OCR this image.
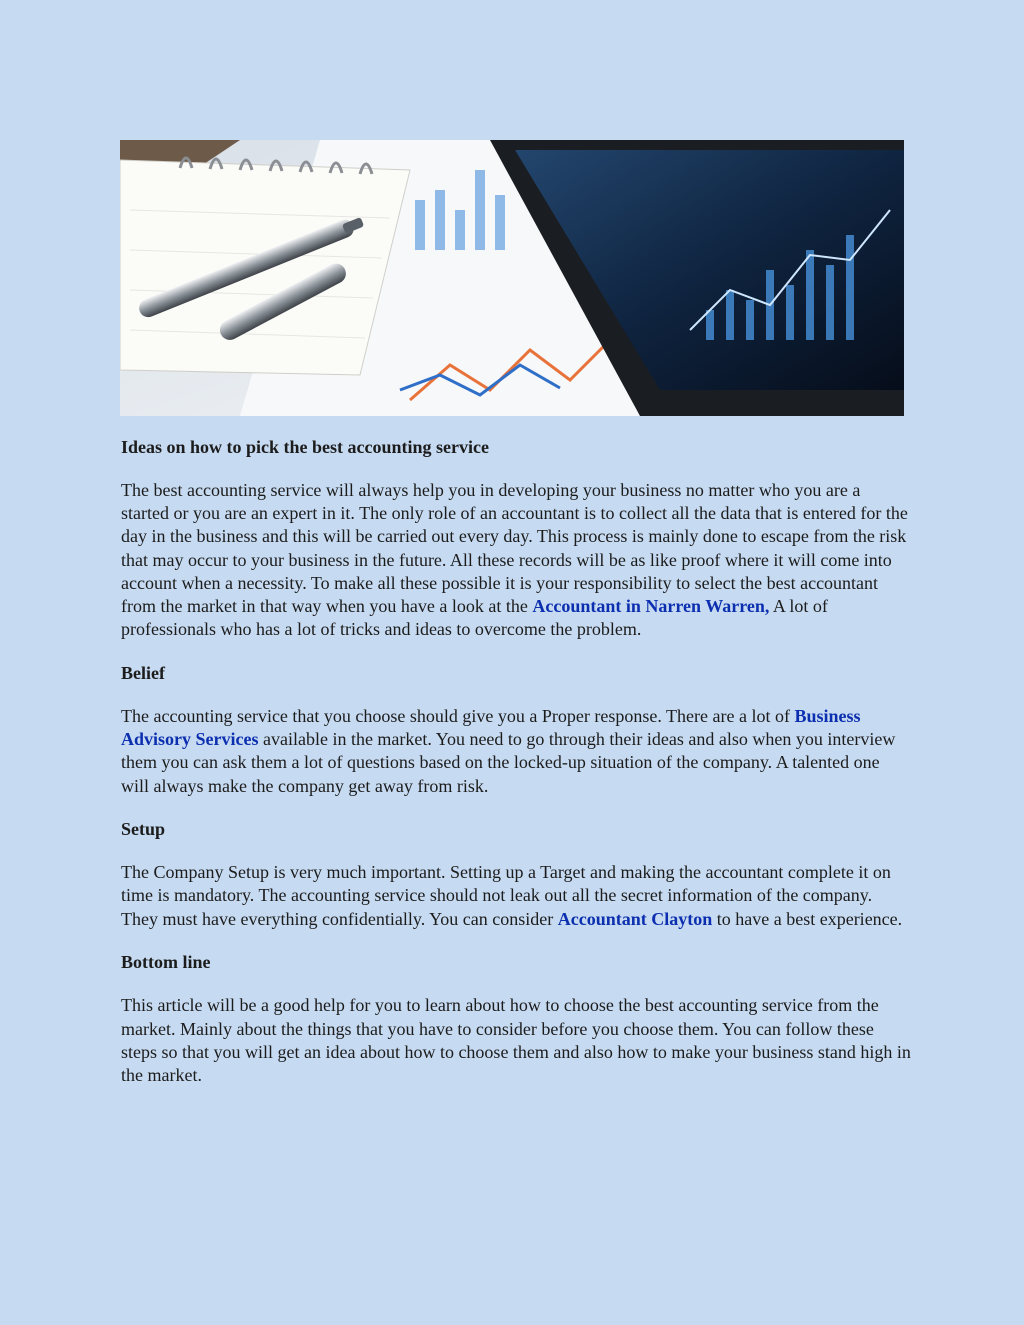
Ideas on how to pick the best accounting service

The best accounting service will always help you in developing your business no matter who you are a started or you are an expert in it. The only role of an accountant is to collect all the data that is entered for the day in the business and this will be carried out every day. This process is mainly done to escape from the risk that may occur to your business in the future. All these records will be as like proof where it will come into account when a necessity. To make all these possible it is your responsibility to select the best accountant from the market in that way when you have a look at the Accountant in Narren Warren, A lot of professionals who has a lot of tricks and ideas to overcome the problem.

Belief

The accounting service that you choose should give you a Proper response. There are a lot of Business Advisory Services available in the market. You need to go through their ideas and also when you interview them you can ask them a lot of questions based on the locked-up situation of the company. A talented one will always make the company get away from risk.

Setup

The Company Setup is very much important. Setting up a Target and making the accountant complete it on time is mandatory. The accounting service should not leak out all the secret information of the company. They must have everything confidentially. You can consider Accountant Clayton to have a best experience.

Bottom line

This article will be a good help for you to learn about how to choose the best accounting service from the market. Mainly about the things that you have to consider before you choose them. You can follow these steps so that you will get an idea about how to choose them and also how to make your business stand high in the market.
